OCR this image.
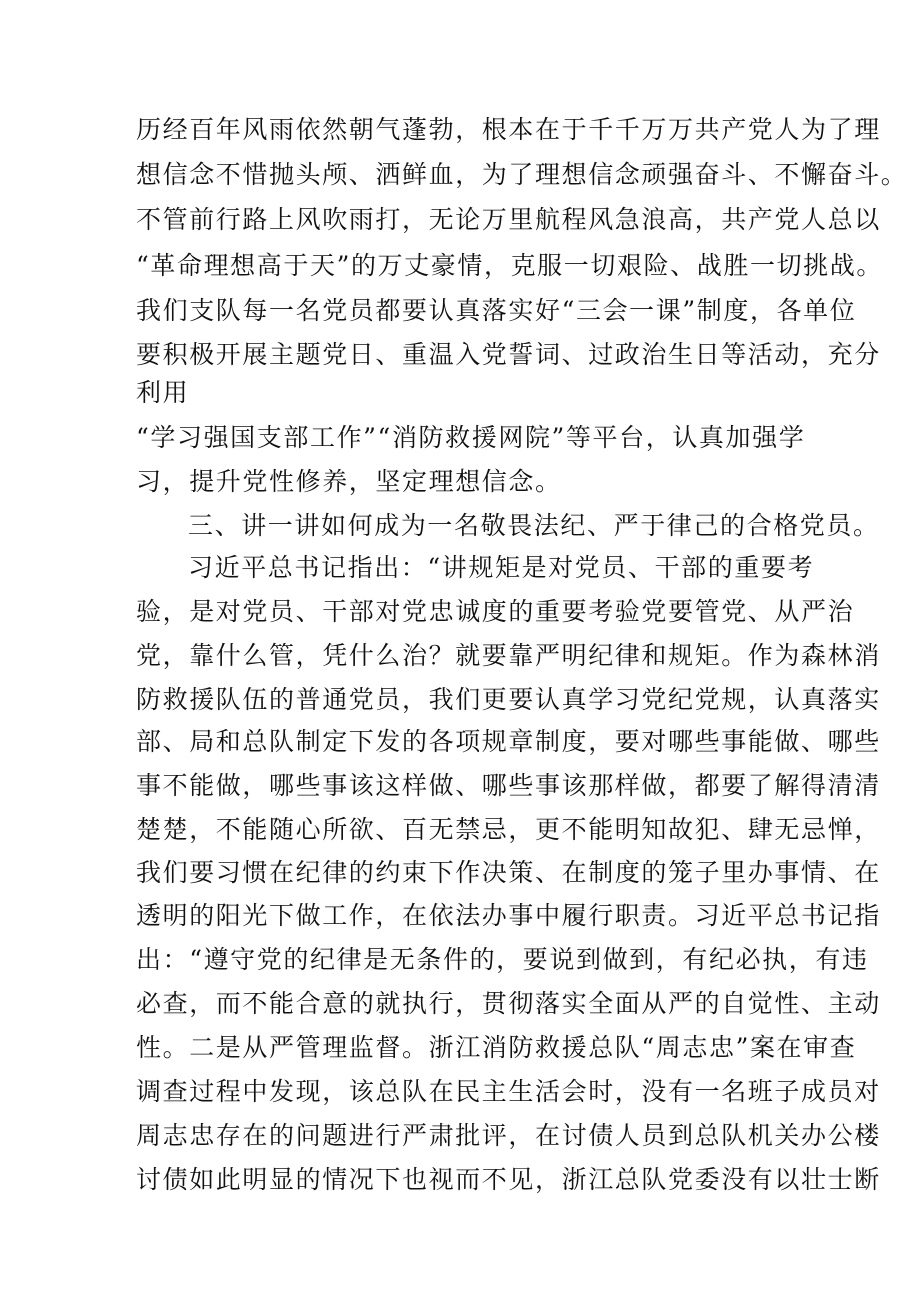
历经百年风雨依然朝气蓬勃，根本在于千千万万共产党人为了理
想信念不惜抛头颅、洒鲜血，为了理想信念顽强奋斗、不懈奋斗。
不管前行路上风吹雨打，无论万里航程风急浪高，共产党人总以
“革命理想高于天”的万丈豪情，克服一切艰险、战胜一切挑战。
我们支队每一名党员都要认真落实好“三会一课”制度，各单位
要积极开展主题党日、重温入党誓词、过政治生日等活动，充分
利用
“学习强国支部工作”“消防救援网院”等平台，认真加强学
习，提升党性修养，坚定理想信念。
三、讲一讲如何成为一名敬畏法纪、严于律己的合格党员。
习近平总书记指出：“讲规矩是对党员、干部的重要考
验，是对党员、干部对党忠诚度的重要考验党要管党、从严治
党，靠什么管，凭什么治？就要靠严明纪律和规矩。作为森林消
防救援队伍的普通党员，我们更要认真学习党纪党规，认真落实
部、局和总队制定下发的各项规章制度，要对哪些事能做、哪些
事不能做，哪些事该这样做、哪些事该那样做，都要了解得清清
楚楚，不能随心所欲、百无禁忌，更不能明知故犯、肆无忌惮，
我们要习惯在纪律的约束下作决策、在制度的笼子里办事情、在
透明的阳光下做工作，在依法办事中履行职责。习近平总书记指
出：“遵守党的纪律是无条件的，要说到做到，有纪必执，有违
必查，而不能合意的就执行，贯彻落实全面从严的自觉性、主动
性。二是从严管理监督。浙江消防救援总队“周志忠”案在审查
调查过程中发现，该总队在民主生活会时，没有一名班子成员对
周志忠存在的问题进行严肃批评，在讨债人员到总队机关办公楼
讨债如此明显的情况下也视而不见，浙江总队党委没有以壮士断
